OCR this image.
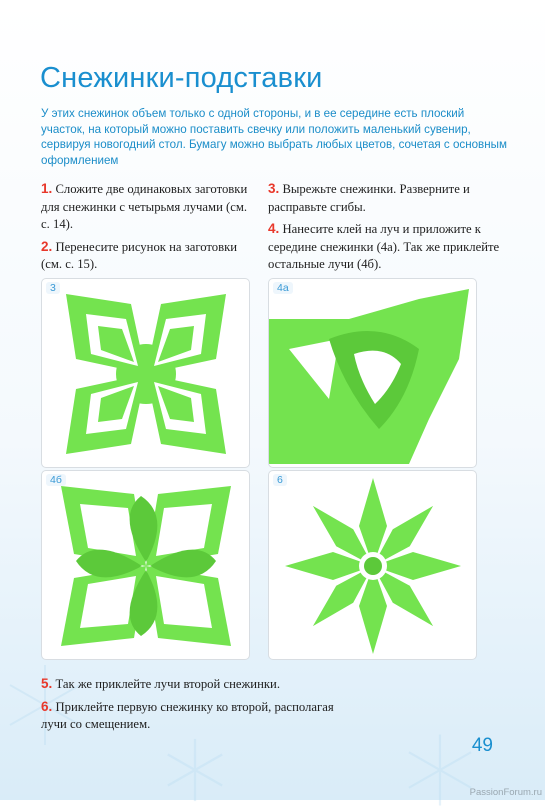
Снежинки-подставки

У этих снежинок объем только с одной стороны, и в ее середине есть плоский участок, на который можно поставить свечку или положить маленький сувенир, сервируя новогодний стол. Бумагу можно выбрать любых цветов, сочетая с основным оформлением

1. Сложите две одинаковых заготовки для снежинки с четырьмя лучами (см. с. 14).

2. Перенесите рисунок на заготовки (см. с. 15).

3. Вырежьте снежинки. Разверните и расправьте сгибы.

4. Нанесите клей на луч и приложите к середине снежинки (4а). Так же приклейте остальные лучи (4б).

3	4а
4б	6

5. Так же приклейте лучи второй снежинки.

6. Приклейте первую снежинку ко второй, располагая лучи со смещением.

49
PassionForum.ru
